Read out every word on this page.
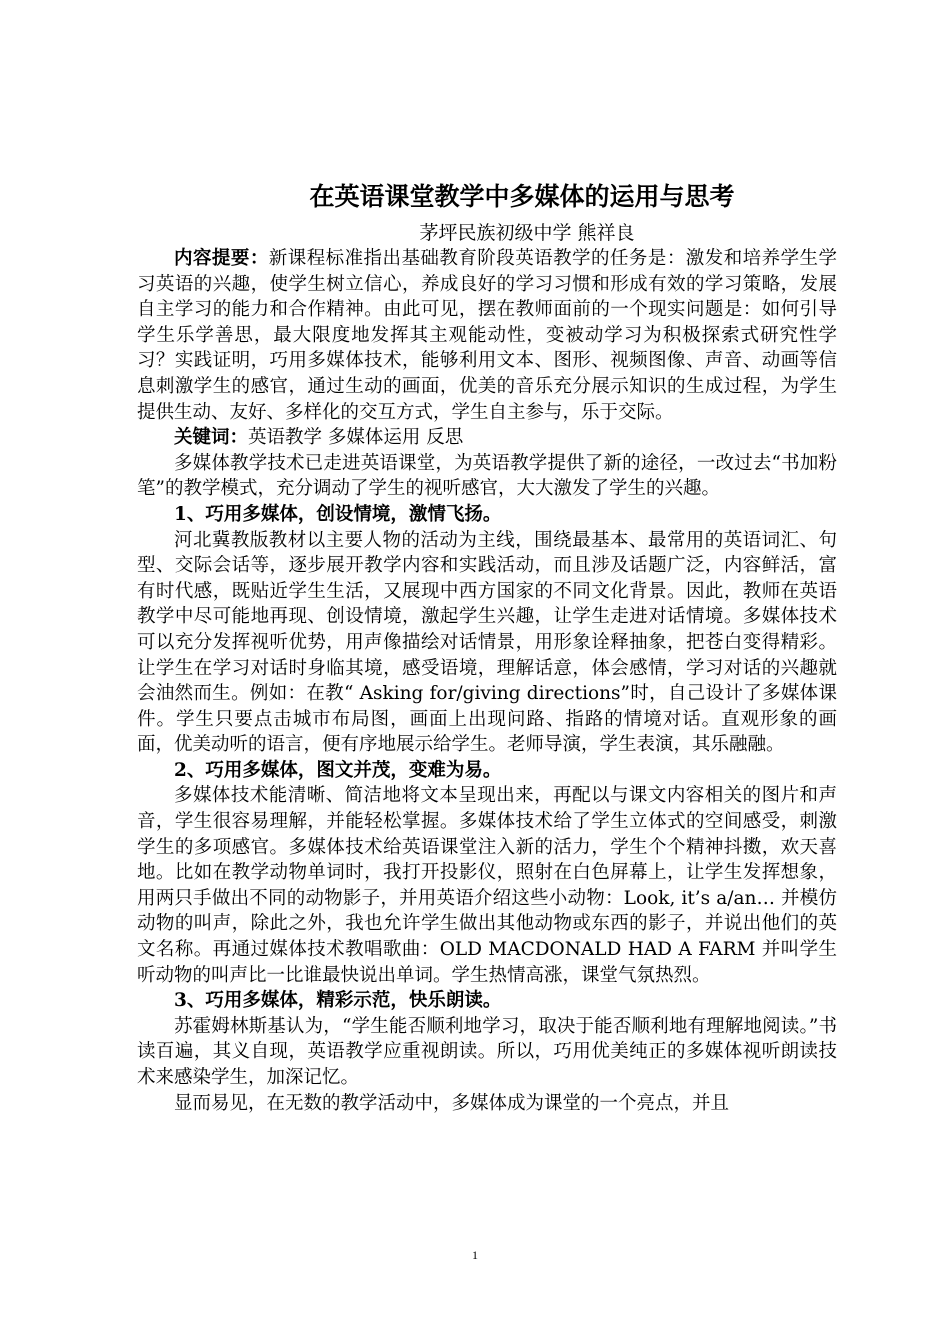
在英语课堂教学中多媒体的运用与思考
茅坪民族初级中学 熊祥良

内容提要：新课程标准指出基础教育阶段英语教学的任务是：激发和培养学生学习英语的兴趣，使学生树立信心，养成良好的学习习惯和形成有效的学习策略，发展自主学习的能力和合作精神。由此可见，摆在教师面前的一个现实问题是：如何引导学生乐学善思，最大限度地发挥其主观能动性，变被动学习为积极探索式研究性学习？实践证明，巧用多媒体技术，能够利用文本、图形、视频图像、声音、动画等信息刺激学生的感官，通过生动的画面，优美的音乐充分展示知识的生成过程，为学生提供生动、友好、多样化的交互方式，学生自主参与，乐于交际。

关键词：英语教学 多媒体运用 反思

多媒体教学技术已走进英语课堂，为英语教学提供了新的途径，一改过去“书加粉笔”的教学模式，充分调动了学生的视听感官，大大激发了学生的兴趣。

1、巧用多媒体，创设情境，激情飞扬。

河北冀教版教材以主要人物的活动为主线，围绕最基本、最常用的英语词汇、句型、交际会话等，逐步展开教学内容和实践活动，而且涉及话题广泛，内容鲜活，富有时代感，既贴近学生生活，又展现中西方国家的不同文化背景。因此，教师在英语教学中尽可能地再现、创设情境，激起学生兴趣，让学生走进对话情境。多媒体技术可以充分发挥视听优势，用声像描绘对话情景，用形象诠释抽象，把苍白变得精彩。让学生在学习对话时身临其境，感受语境，理解话意，体会感情，学习对话的兴趣就会油然而生。例如：在教“ Asking for/giving directions”时，自己设计了多媒体课件。学生只要点击城市布局图，画面上出现问路、指路的情境对话。直观形象的画面，优美动听的语言，便有序地展示给学生。老师导演，学生表演，其乐融融。

2、巧用多媒体，图文并茂，变难为易。

多媒体技术能清晰、简洁地将文本呈现出来，再配以与课文内容相关的图片和声音，学生很容易理解，并能轻松掌握。多媒体技术给了学生立体式的空间感受，刺激学生的多项感官。多媒体技术给英语课堂注入新的活力，学生个个精神抖擞，欢天喜地。比如在教学动物单词时，我打开投影仪，照射在白色屏幕上，让学生发挥想象，用两只手做出不同的动物影子，并用英语介绍这些小动物：Look, it’s a/an… 并模仿动物的叫声，除此之外，我也允许学生做出其他动物或东西的影子，并说出他们的英文名称。再通过媒体技术教唱歌曲：OLD MACDONALD HAD A FARM 并叫学生听动物的叫声比一比谁最快说出单词。学生热情高涨，课堂气氛热烈。

3、巧用多媒体，精彩示范，快乐朗读。

苏霍姆林斯基认为，“学生能否顺利地学习，取决于能否顺利地有理解地阅读。”书读百遍，其义自现，英语教学应重视朗读。所以，巧用优美纯正的多媒体视听朗读技术来感染学生，加深记忆。

显而易见，在无数的教学活动中，多媒体成为课堂的一个亮点，并且

1
